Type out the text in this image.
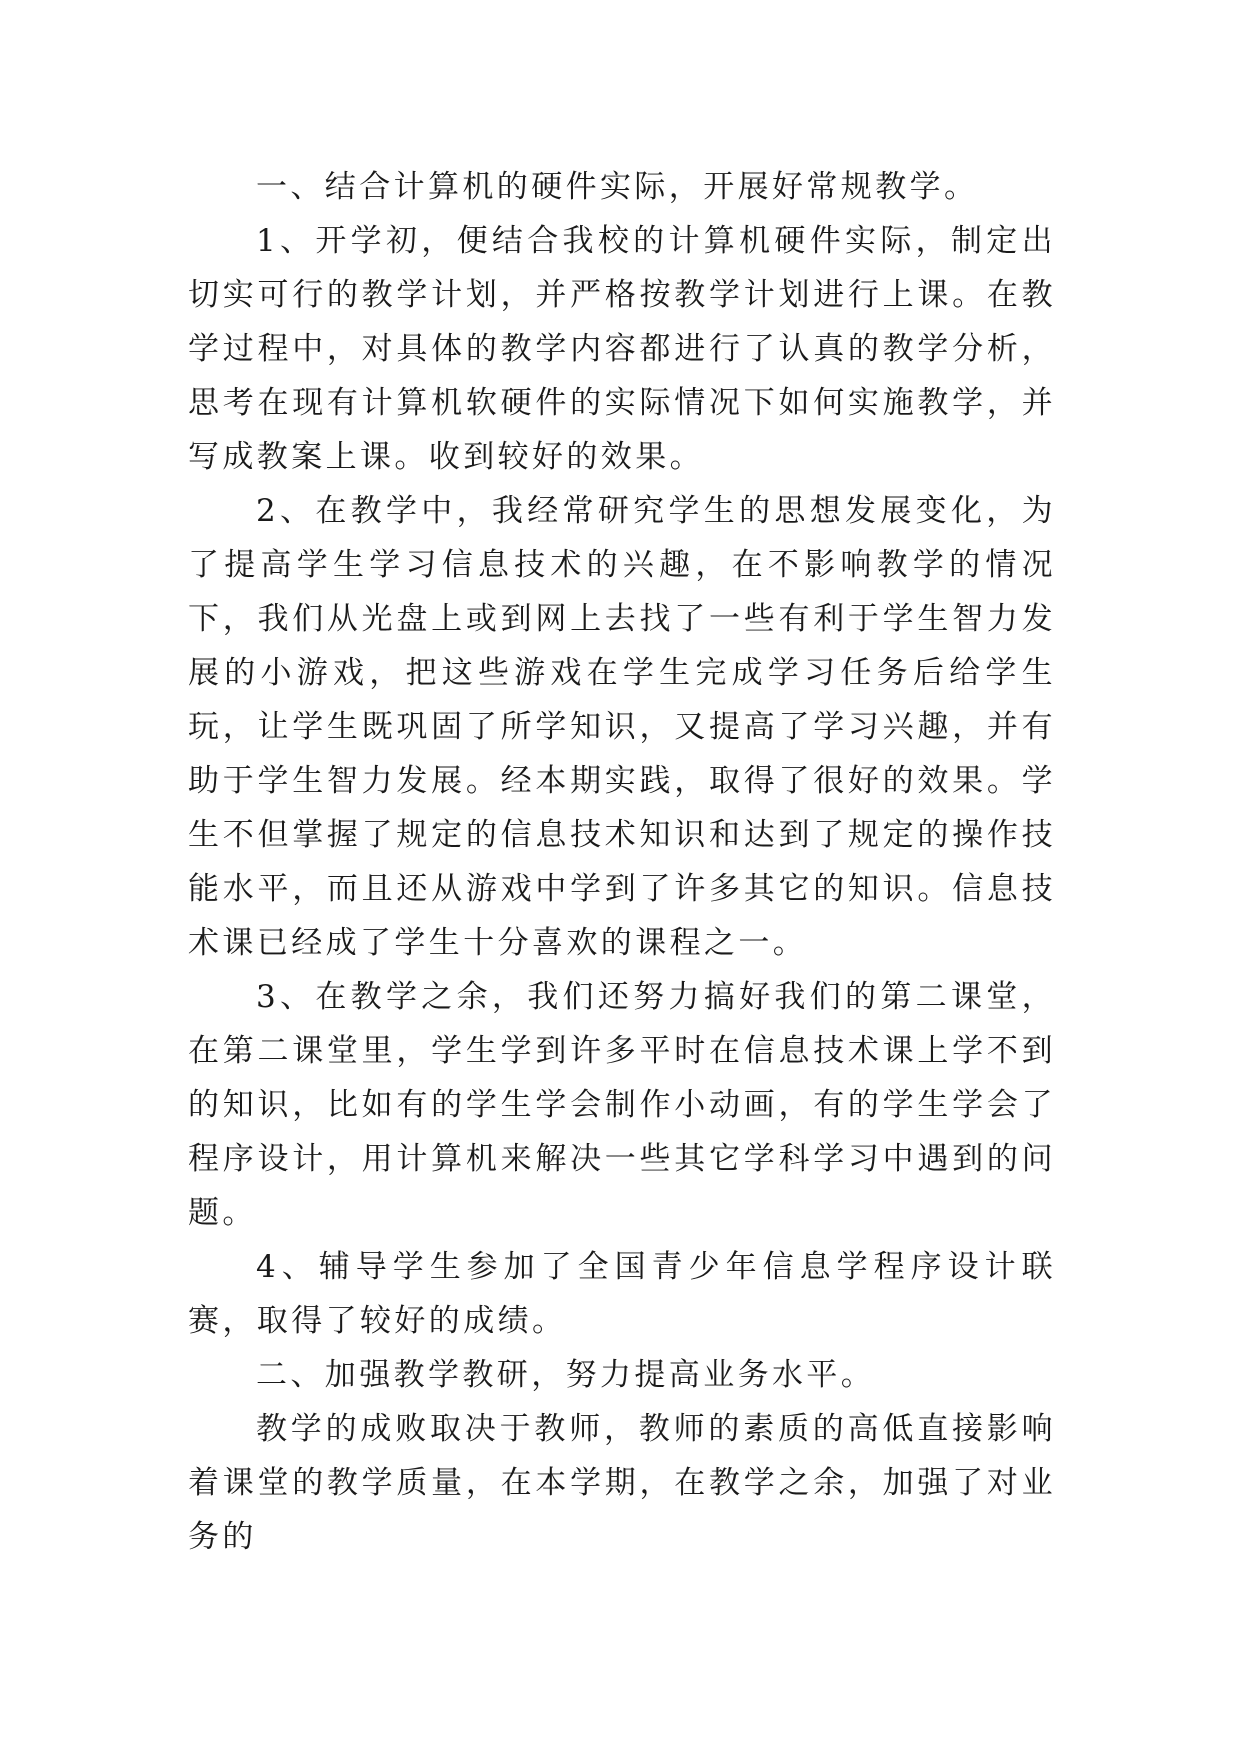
一、结合计算机的硬件实际，开展好常规教学。

1、开学初，便结合我校的计算机硬件实际，制定出切实可行的教学计划，并严格按教学计划进行上课。在教学过程中，对具体的教学内容都进行了认真的教学分析，思考在现有计算机软硬件的实际情况下如何实施教学，并写成教案上课。收到较好的效果。

2、在教学中，我经常研究学生的思想发展变化，为了提高学生学习信息技术的兴趣，在不影响教学的情况下，我们从光盘上或到网上去找了一些有利于学生智力发展的小游戏，把这些游戏在学生完成学习任务后给学生玩，让学生既巩固了所学知识，又提高了学习兴趣，并有助于学生智力发展。经本期实践，取得了很好的效果。学生不但掌握了规定的信息技术知识和达到了规定的操作技能水平，而且还从游戏中学到了许多其它的知识。信息技术课已经成了学生十分喜欢的课程之一。

3、在教学之余，我们还努力搞好我们的第二课堂，在第二课堂里，学生学到许多平时在信息技术课上学不到的知识，比如有的学生学会制作小动画，有的学生学会了程序设计，用计算机来解决一些其它学科学习中遇到的问题。

4、辅导学生参加了全国青少年信息学程序设计联赛，取得了较好的成绩。

二、加强教学教研，努力提高业务水平。

教学的成败取决于教师，教师的素质的高低直接影响着课堂的教学质量，在本学期，在教学之余，加强了对业务的
